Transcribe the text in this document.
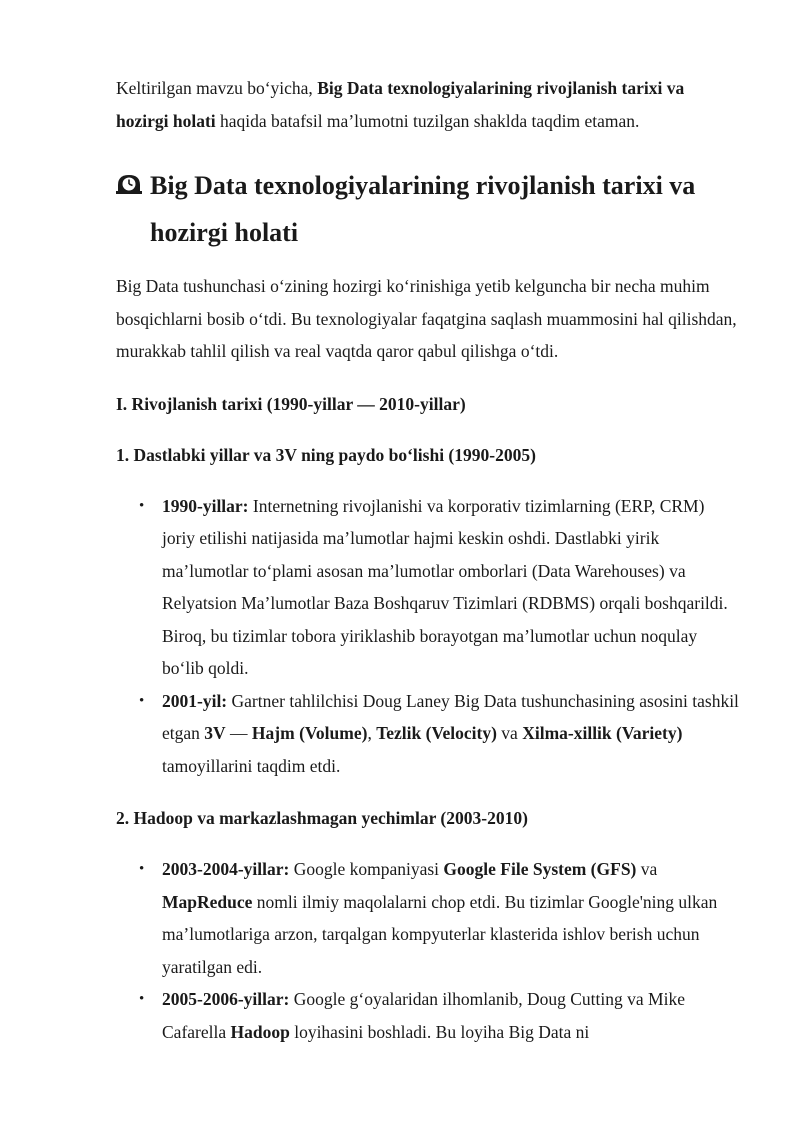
Keltirilgan mavzu bo‘yicha, Big Data texnologiyalarining rivojlanish tarixi va hozirgi holati haqida batafsil ma’lumotni tuzilgan shaklda taqdim etaman.

Big Data texnologiyalarining rivojlanish tarixi va hozirgi holati

Big Data tushunchasi o‘zining hozirgi ko‘rinishiga yetib kelguncha bir necha muhim bosqichlarni bosib o‘tdi. Bu texnologiyalar faqatgina saqlash muammosini hal qilishdan, murakkab tahlil qilish va real vaqtda qaror qabul qilishga o‘tdi.

I. Rivojlanish tarixi (1990-yillar — 2010-yillar)

1. Dastlabki yillar va 3V ning paydo bo‘lishi (1990-2005)

• 1990-yillar: Internetning rivojlanishi va korporativ tizimlarning (ERP, CRM) joriy etilishi natijasida ma’lumotlar hajmi keskin oshdi. Dastlabki yirik ma’lumotlar to‘plami asosan ma’lumotlar omborlari (Data Warehouses) va Relyatsion Ma’lumotlar Baza Boshqaruv Tizimlari (RDBMS) orqali boshqarildi. Biroq, bu tizimlar tobora yiriklashib borayotgan ma’lumotlar uchun noqulay bo‘lib qoldi.
• 2001-yil: Gartner tahlilchisi Doug Laney Big Data tushunchasining asosini tashkil etgan 3V — Hajm (Volume), Tezlik (Velocity) va Xilma-xillik (Variety) tamoyillarini taqdim etdi.

2. Hadoop va markazlashmagan yechimlar (2003-2010)

• 2003-2004-yillar: Google kompaniyasi Google File System (GFS) va MapReduce nomli ilmiy maqolalarni chop etdi. Bu tizimlar Google'ning ulkan ma’lumotlariga arzon, tarqalgan kompyuterlar klasterida ishlov berish uchun yaratilgan edi.
• 2005-2006-yillar: Google g‘oyalaridan ilhomlanib, Doug Cutting va Mike Cafarella Hadoop loyihasini boshladi. Bu loyiha Big Data ni
